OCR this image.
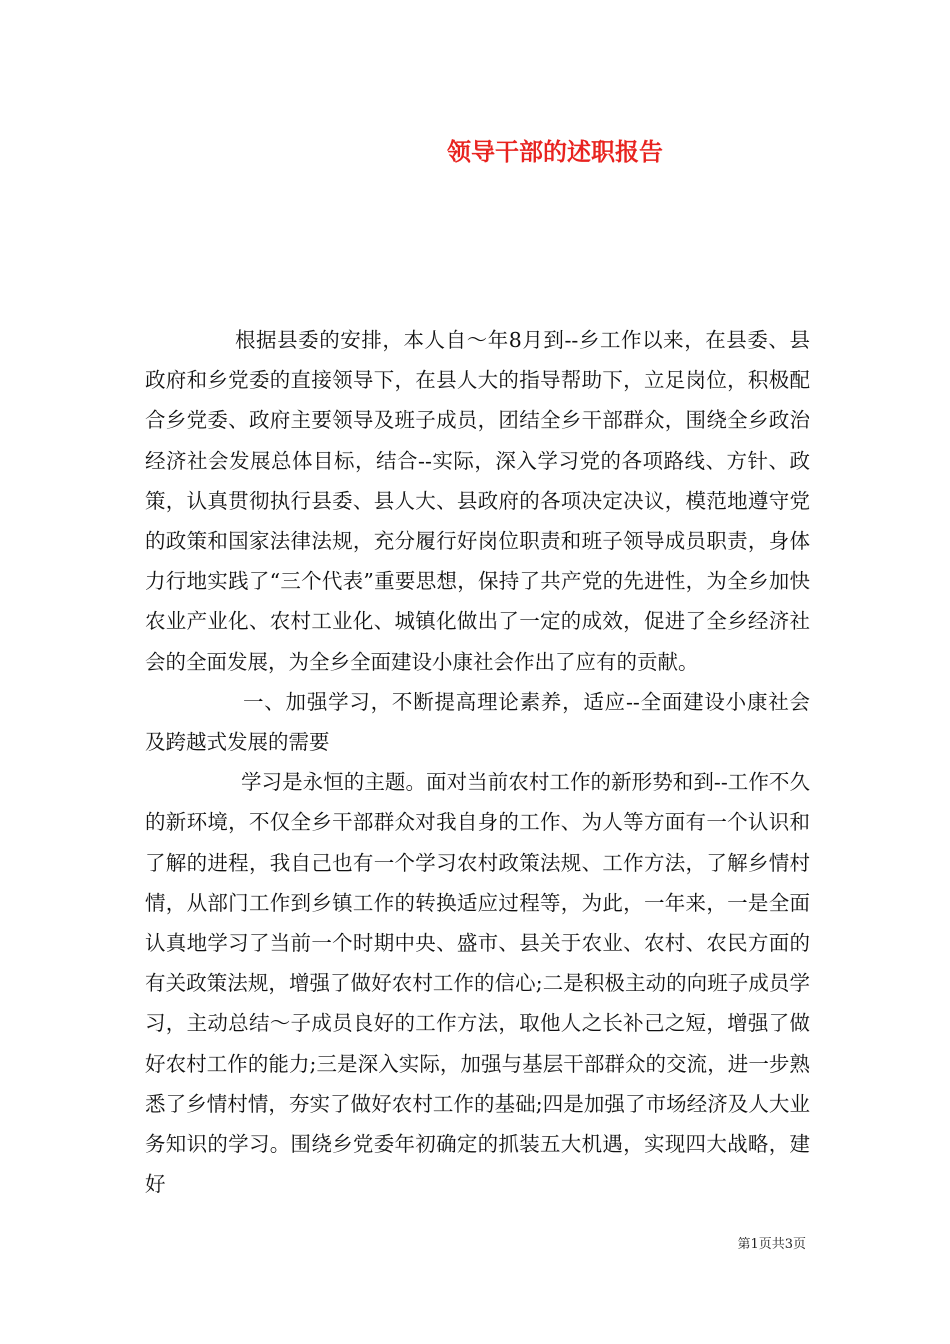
领导干部的述职报告

根据县委的安排，本人自～年8月到--乡工作以来，在县委、县政府和乡党委的直接领导下，在县人大的指导帮助下，立足岗位，积极配合乡党委、政府主要领导及班子成员，团结全乡干部群众，围绕全乡政治经济社会发展总体目标，结合--实际，深入学习党的各项路线、方针、政策，认真贯彻执行县委、县人大、县政府的各项决定决议，模范地遵守党的政策和国家法律法规，充分履行好岗位职责和班子领导成员职责，身体力行地实践了“三个代表”重要思想，保持了共产党的先进性，为全乡加快农业产业化、农村工业化、城镇化做出了一定的成效，促进了全乡经济社会的全面发展，为全乡全面建设小康社会作出了应有的贡献。

一、加强学习，不断提高理论素养，适应--全面建设小康社会及跨越式发展的需要

学习是永恒的主题。面对当前农村工作的新形势和到--工作不久的新环境，不仅全乡干部群众对我自身的工作、为人等方面有一个认识和了解的进程，我自己也有一个学习农村政策法规、工作方法，了解乡情村情，从部门工作到乡镇工作的转换适应过程等，为此，一年来，一是全面认真地学习了当前一个时期中央、盛市、县关于农业、农村、农民方面的有关政策法规，增强了做好农村工作的信心;二是积极主动的向班子成员学习，主动总结～子成员良好的工作方法，取他人之长补己之短，增强了做好农村工作的能力;三是深入实际，加强与基层干部群众的交流，进一步熟悉了乡情村情，夯实了做好农村工作的基础;四是加强了市场经济及人大业务知识的学习。围绕乡党委年初确定的抓装五大机遇，实现四大战略，建好

第1页共3页
